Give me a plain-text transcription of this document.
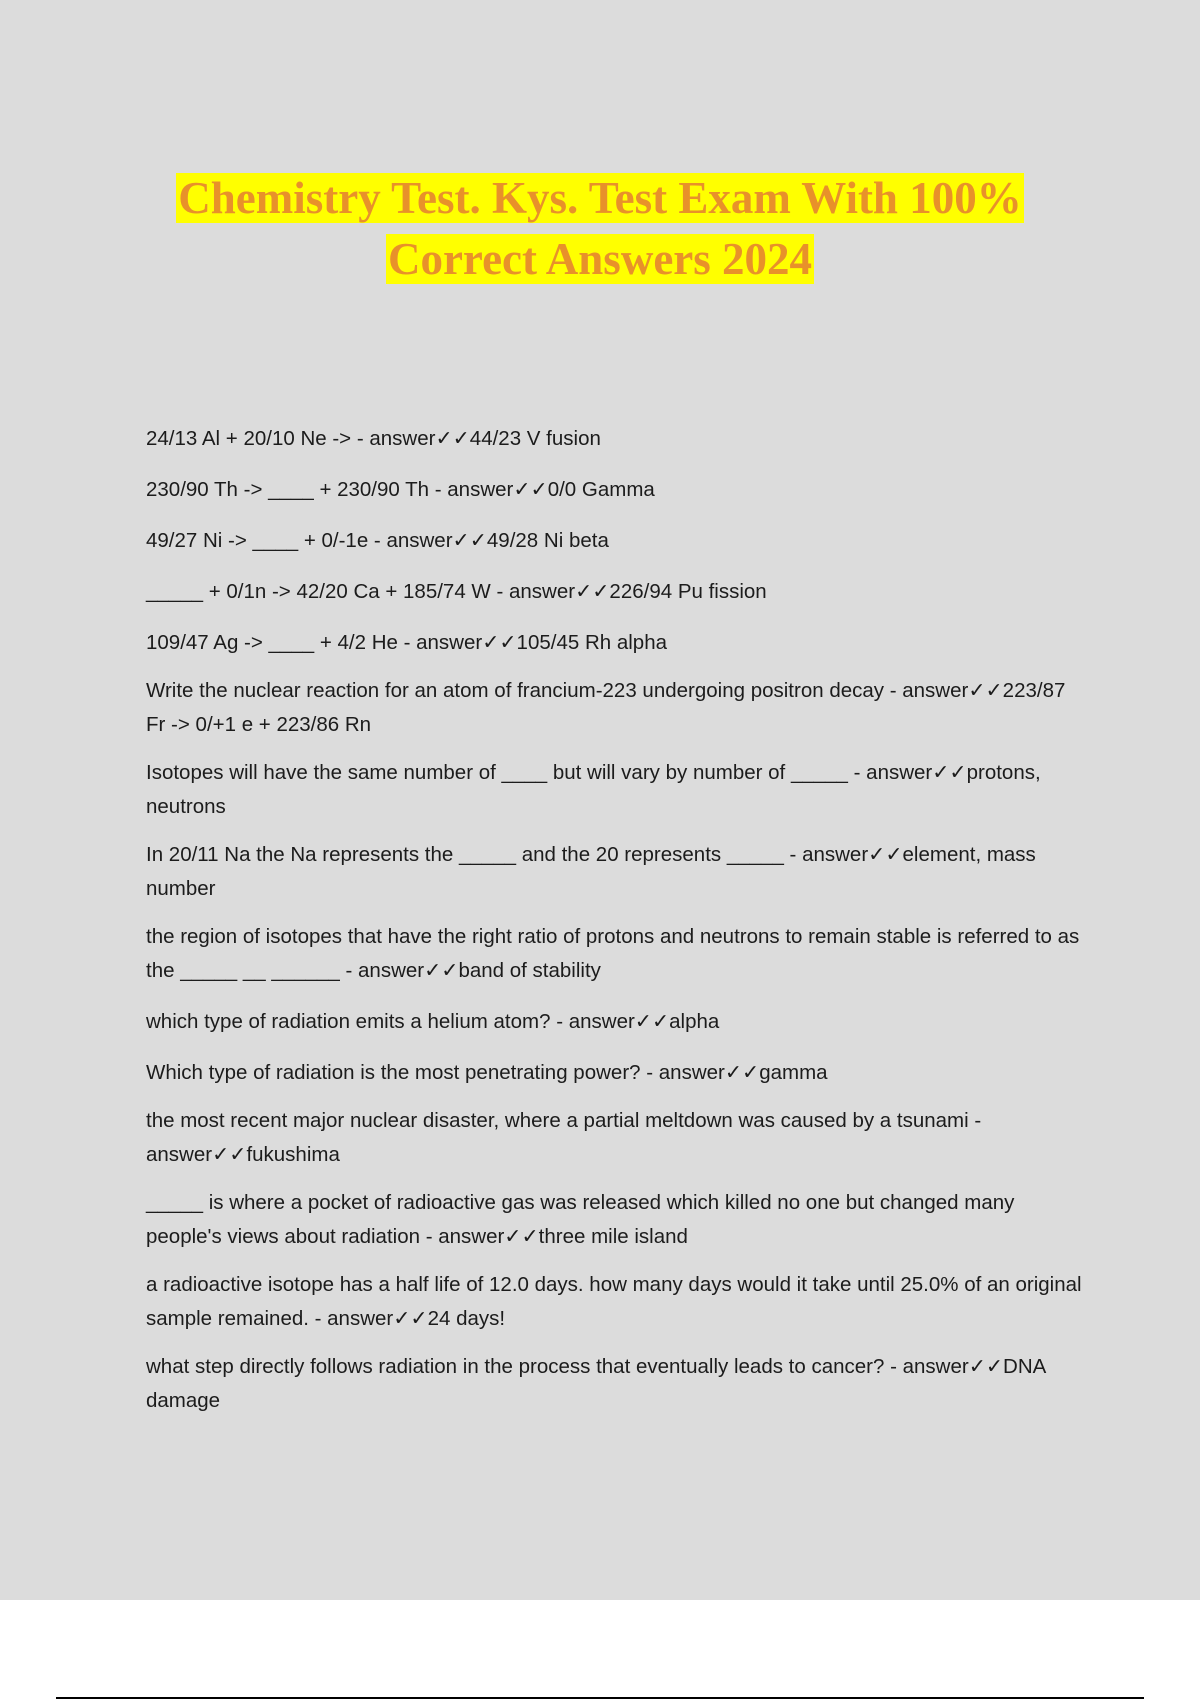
Chemistry Test. Kys. Test Exam With 100%
Correct Answers 2024
24/13 Al + 20/10 Ne -> - answer✓✓44/23 V fusion
230/90 Th -> ____ + 230/90 Th - answer✓✓0/0 Gamma
49/27 Ni -> ____ + 0/-1e - answer✓✓49/28 Ni beta
_____ + 0/1n -> 42/20 Ca + 185/74 W - answer✓✓226/94 Pu fission
109/47 Ag -> ____ + 4/2 He - answer✓✓105/45 Rh alpha
Write the nuclear reaction for an atom of francium-223 undergoing positron decay - answer✓✓223/87 Fr -> 0/+1 e + 223/86 Rn
Isotopes will have the same number of ____ but will vary by number of _____ - answer✓✓protons, neutrons
In 20/11 Na the Na represents the _____ and the 20 represents _____ - answer✓✓element, mass number
the region of isotopes that have the right ratio of protons and neutrons to remain stable is referred to as the _____ __ ______ - answer✓✓band of stability
which type of radiation emits a helium atom? - answer✓✓alpha
Which type of radiation is the most penetrating power? - answer✓✓gamma
the most recent major nuclear disaster, where a partial meltdown was caused by a tsunami - answer✓✓fukushima
_____ is where a pocket of radioactive gas was released which killed no one but changed many people's views about radiation - answer✓✓three mile island
a radioactive isotope has a half life of 12.0 days. how many days would it take until 25.0% of an original sample remained. - answer✓✓24 days!
what step directly follows radiation in the process that eventually leads to cancer? - answer✓✓DNA damage
